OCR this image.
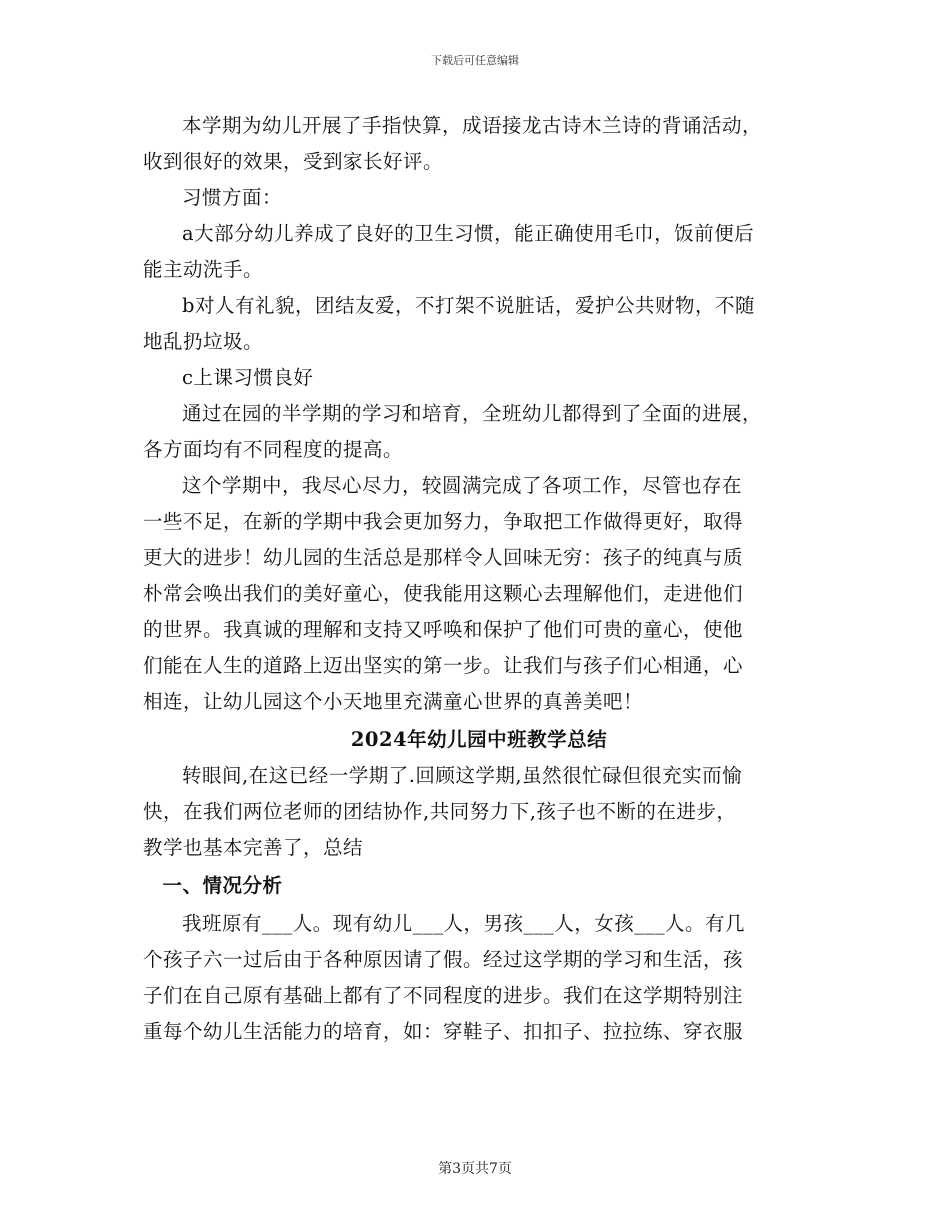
下载后可任意编辑
本学期为幼儿开展了手指快算，成语接龙古诗木兰诗的背诵活动，
收到很好的效果，受到家长好评。
习惯方面：
a大部分幼儿养成了良好的卫生习惯，能正确使用毛巾，饭前便后
能主动洗手。
b对人有礼貌，团结友爱，不打架不说脏话，爱护公共财物，不随
地乱扔垃圾。
c上课习惯良好
通过在园的半学期的学习和培育，全班幼儿都得到了全面的进展，
各方面均有不同程度的提高。
这个学期中，我尽心尽力，较圆满完成了各项工作，尽管也存在
一些不足，在新的学期中我会更加努力，争取把工作做得更好，取得
更大的进步！幼儿园的生活总是那样令人回味无穷：孩子的纯真与质
朴常会唤出我们的美好童心，使我能用这颗心去理解他们，走进他们
的世界。我真诚的理解和支持又呼唤和保护了他们可贵的童心，使他
们能在人生的道路上迈出坚实的第一步。让我们与孩子们心相通，心
相连，让幼儿园这个小天地里充满童心世界的真善美吧！
2024年幼儿园中班教学总结
转眼间,在这已经一学期了.回顾这学期,虽然很忙碌但很充实而愉
快，在我们两位老师的团结协作,共同努力下,孩子也不断的在进步，
教学也基本完善了，总结
一、情况分析
我班原有___人。现有幼儿___人，男孩___人，女孩___人。有几
个孩子六一过后由于各种原因请了假。经过这学期的学习和生活，孩
子们在自己原有基础上都有了不同程度的进步。我们在这学期特别注
重每个幼儿生活能力的培育，如：穿鞋子、扣扣子、拉拉练、穿衣服
第3页共7页
